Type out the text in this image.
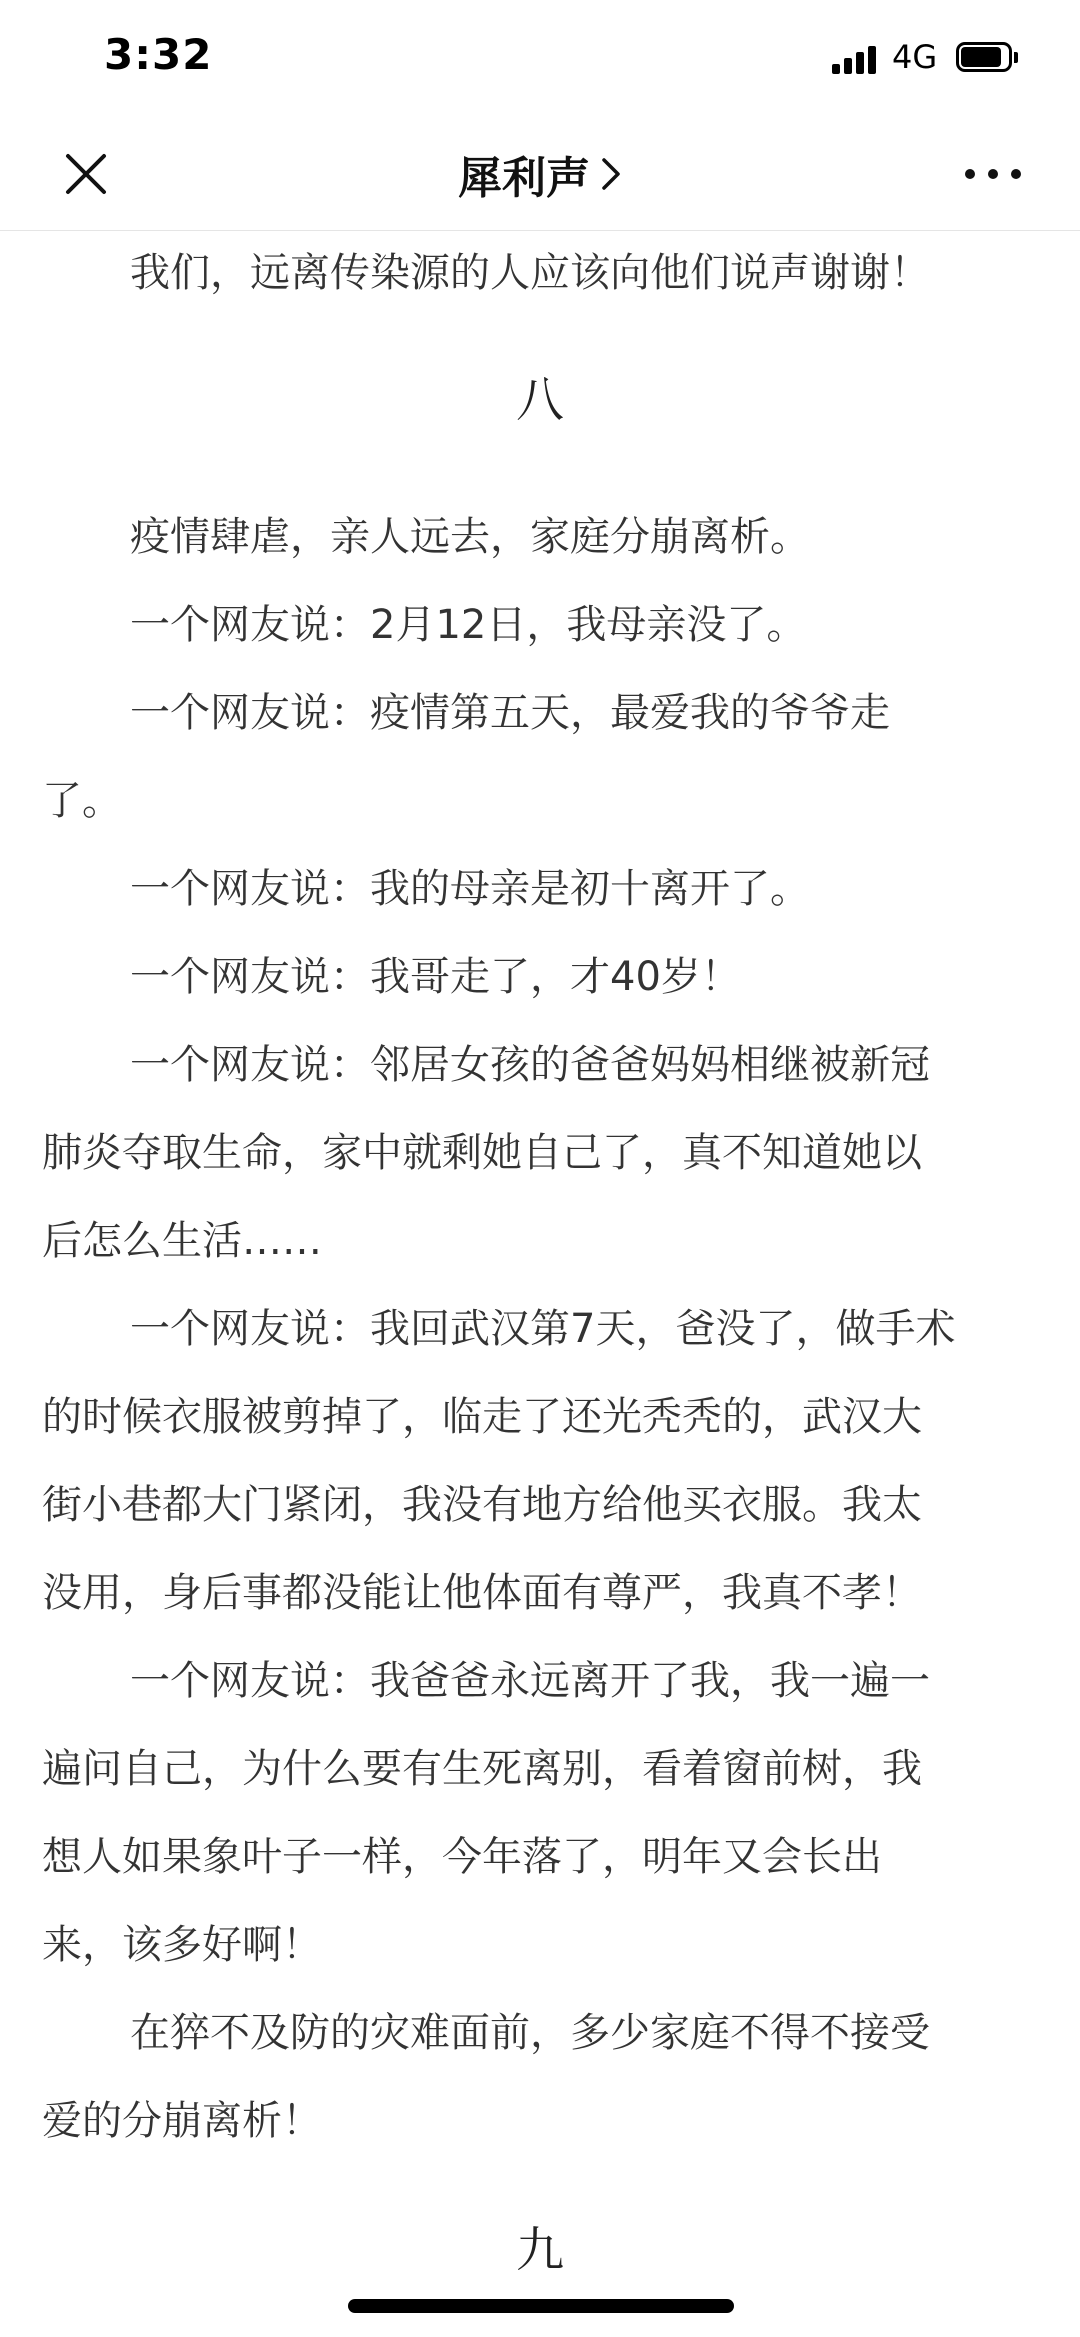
3:32	4G
犀利声

我们，远离传染源的人应该向他们说声谢谢！

八

疫情肆虐，亲人远去，家庭分崩离析。

一个网友说：2月12日，我母亲没了。

一个网友说：疫情第五天，最爱我的爷爷走

了。

一个网友说：我的母亲是初十离开了。

一个网友说：我哥走了，才40岁！

一个网友说：邻居女孩的爸爸妈妈相继被新冠

肺炎夺取生命，家中就剩她自己了，真不知道她以

后怎么生活……

一个网友说：我回武汉第7天，爸没了，做手术

的时候衣服被剪掉了，临走了还光秃秃的，武汉大

街小巷都大门紧闭，我没有地方给他买衣服。我太

没用，身后事都没能让他体面有尊严，我真不孝！

一个网友说：我爸爸永远离开了我，我一遍一

遍问自己，为什么要有生死离别，看着窗前树，我

想人如果象叶子一样，今年落了，明年又会长出

来，该多好啊！

在猝不及防的灾难面前，多少家庭不得不接受

爱的分崩离析！

九
